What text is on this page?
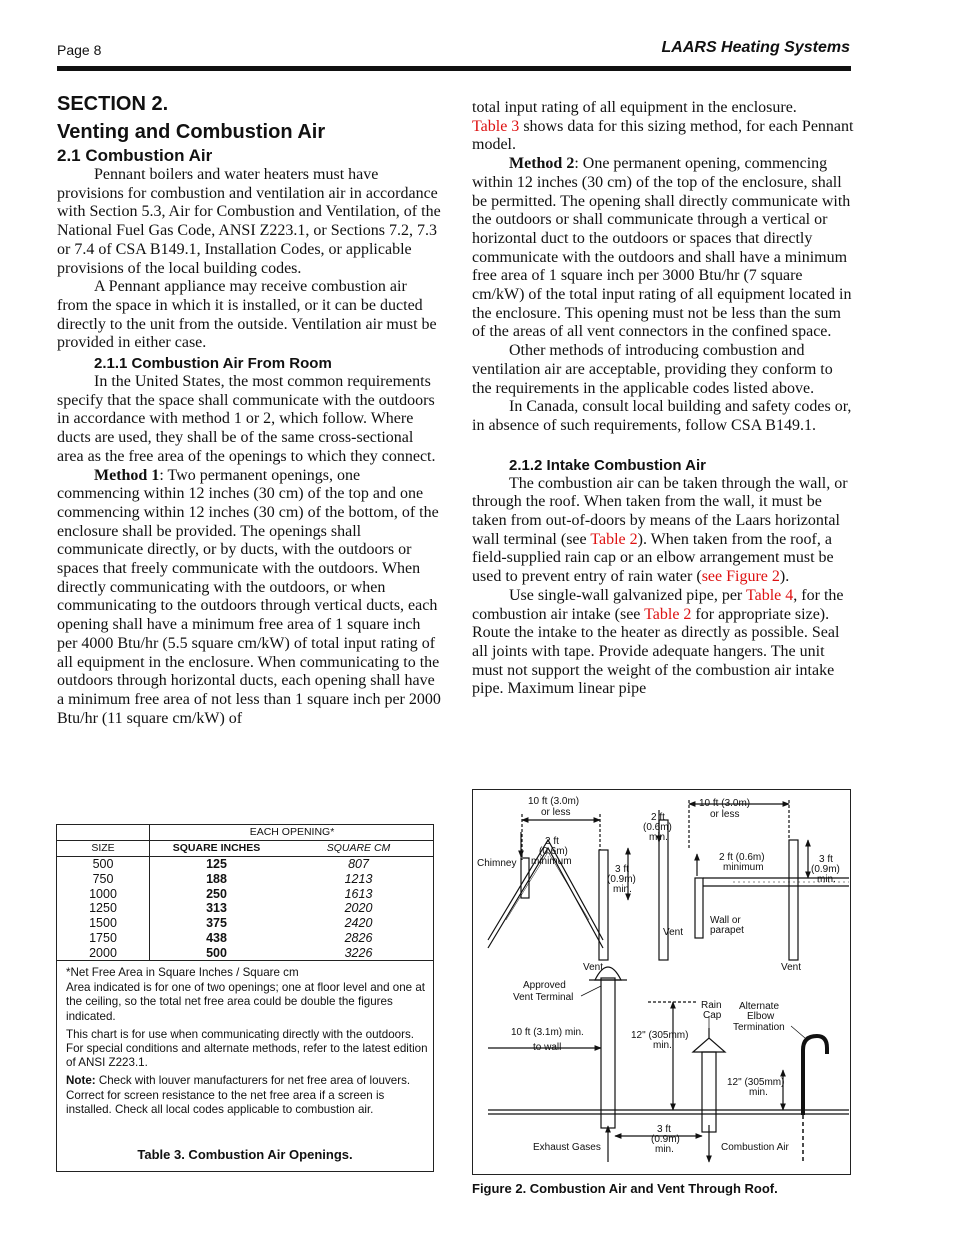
Page 8	LAARS Heating Systems
SECTION 2.
Venting and Combustion Air
2.1 Combustion Air

Pennant boilers and water heaters must have provisions for combustion and ventilation air in accordance with Section 5.3, Air for Combustion and Ventilation, of the National Fuel Gas Code, ANSI Z223.1, or Sections 7.2, 7.3 or 7.4 of CSA B149.1, Installation Codes, or applicable provisions of the local building codes.

A Pennant appliance may receive combustion air from the space in which it is installed, or it can be ducted directly to the unit from the outside. Ventilation air must be provided in either case.

2.1.1 Combustion Air From Room

In the United States, the most common requirements specify that the space shall communicate with the outdoors in accordance with method 1 or 2, which follow. Where ducts are used, they shall be of the same cross-sectional area as the free area of the openings to which they connect.

Method 1: Two permanent openings, one commencing within 12 inches (30 cm) of the top and one commencing within 12 inches (30 cm) of the bottom, of the enclosure shall be provided. The openings shall communicate directly, or by ducts, with the outdoors or spaces that freely communicate with the outdoors. When directly communicating with the outdoors, or when communicating to the outdoors through vertical ducts, each opening shall have a minimum free area of 1 square inch per 4000 Btu/hr (5.5 square cm/kW) of total input rating of all equipment in the enclosure. When communicating to the outdoors through horizontal ducts, each opening shall have a minimum free area of not less than 1 square inch per 2000 Btu/hr (11 square cm/kW) of

total input rating of all equipment in the enclosure.
Table 3 shows data for this sizing method, for each Pennant model.

Method 2: One permanent opening, commencing within 12 inches (30 cm) of the top of the enclosure, shall be permitted. The opening shall directly communicate with the outdoors or shall communicate through a vertical or horizontal duct to the outdoors or spaces that directly communicate with the outdoors and shall have a minimum free area of 1 square inch per 3000 Btu/hr (7 square cm/kW) of the total input rating of all equipment located in the enclosure. This opening must not be less than the sum of the areas of all vent connectors in the confined space.

Other methods of introducing combustion and ventilation air are acceptable, providing they conform to the requirements in the applicable codes listed above.

In Canada, consult local building and safety codes or, in absence of such requirements, follow CSA B149.1.

2.1.2 Intake Combustion Air

The combustion air can be taken through the wall, or through the roof. When taken from the wall, it must be taken from out-of-doors by means of the Laars horizontal wall terminal (see Table 2). When taken from the roof, a field-supplied rain cap or an elbow arrangement must be used to prevent entry of rain water (see Figure 2).

Use single-wall galvanized pipe, per Table 4, for the combustion air intake (see Table 2 for appropriate size). Route the intake to the heater as directly as possible. Seal all joints with tape. Provide adequate hangers. The unit must not support the weight of the combustion air intake pipe. Maximum linear pipe

	EACH OPENING*	
SIZE	SQUARE INCHES	SQUARE CM
500	125	807
750	188	1213
1000	250	1613
1250	313	2020
1500	375	2420
1750	438	2826
2000	500	3226
*Net Free Area in Square Inches / Square cm
Area indicated is for one of two openings; one at floor level and one at the ceiling, so the total net free area could be double the figures indicated.
This chart is for use when communicating directly with the outdoors. For special conditions and alternate methods, refer to the latest edition of ANSI Z223.1.
Note: Check with louver manufacturers for net free area of louvers. Correct for screen resistance to the net free area if a screen is installed. Check all local codes applicable to combustion air.
Table 3. Combustion Air Openings.
10 ft (3.0m)
or less
2 ft
(0.6m)
minimum
Chimney
3 ft
(0.9m)
min.
Vent
2 ft
(0.6m)
min.
10 ft (3.0m)
or less
2 ft (0.6m)
minimum
3 ft
(0.9m)
min.
Vent
Wall or
parapet
Vent
Approved
Vent Terminal
Rain
Cap
Alternate
Elbow
Termination
10 ft (3.1m) min.
to wall
12" (305mm)
min.
12" (305mm)
min.
Exhaust Gases
3 ft
(0.9m)
min.	Combustion Air
Figure 2. Combustion Air and Vent Through Roof.
